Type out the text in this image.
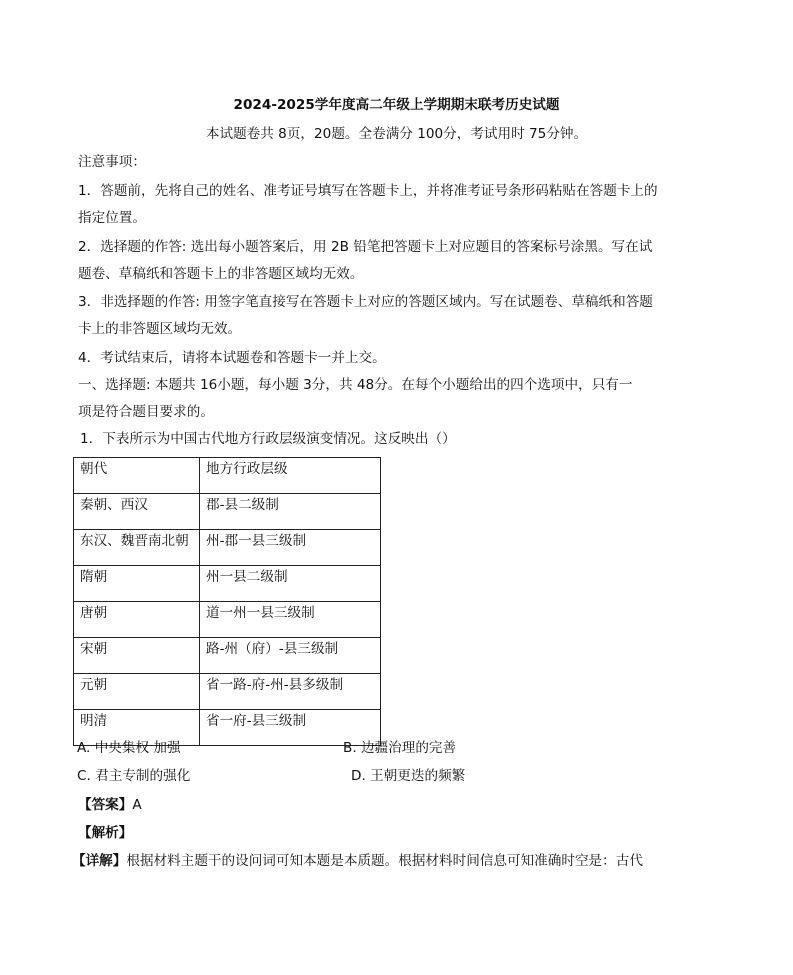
2024-2025学年度高二年级上学期期末联考历史试题
本试题卷共 8页，20题。全卷满分 100分，考试用时 75分钟。
注意事项：
1．答题前，先将自己的姓名、准考证号填写在答题卡上，并将准考证号条形码粘贴在答题卡上的
指定位置。
2．选择题的作答: 选出每小题答案后，用 2B 铅笔把答题卡上对应题目的答案标号涂黑。写在试
题卷、草稿纸和答题卡上的非答题区域均无效。
3．非选择题的作答: 用签字笔直接写在答题卡上对应的答题区域内。写在试题卷、草稿纸和答题
卡上的非答题区域均无效。
4．考试结束后，请将本试题卷和答题卡一并上交。
一、选择题: 本题共 16小题，每小题 3分，共 48分。在每个小题给出的四个选项中，只有一
项是符合题目要求的。
1．下表所示为中国古代地方行政层级演变情况。这反映出（）
朝代	地方行政层级
秦朝、西汉	郡-县二级制
东汉、魏晋南北朝	州-郡一县三级制
隋朝	州一县二级制
唐朝	道一州一县三级制
宋朝	路-州（府）-县三级制
元朝	省一路-府-州-县多级制
明清	省一府-县三级制
A. 中央集权 加强	B. 边疆治理的完善
C. 君主专制的强化	D. 王朝更迭的频繁
【答案】A
【解析】
【详解】根据材料主题干的设问词可知本题是本质题。根据材料时间信息可知准确时空是：古代
